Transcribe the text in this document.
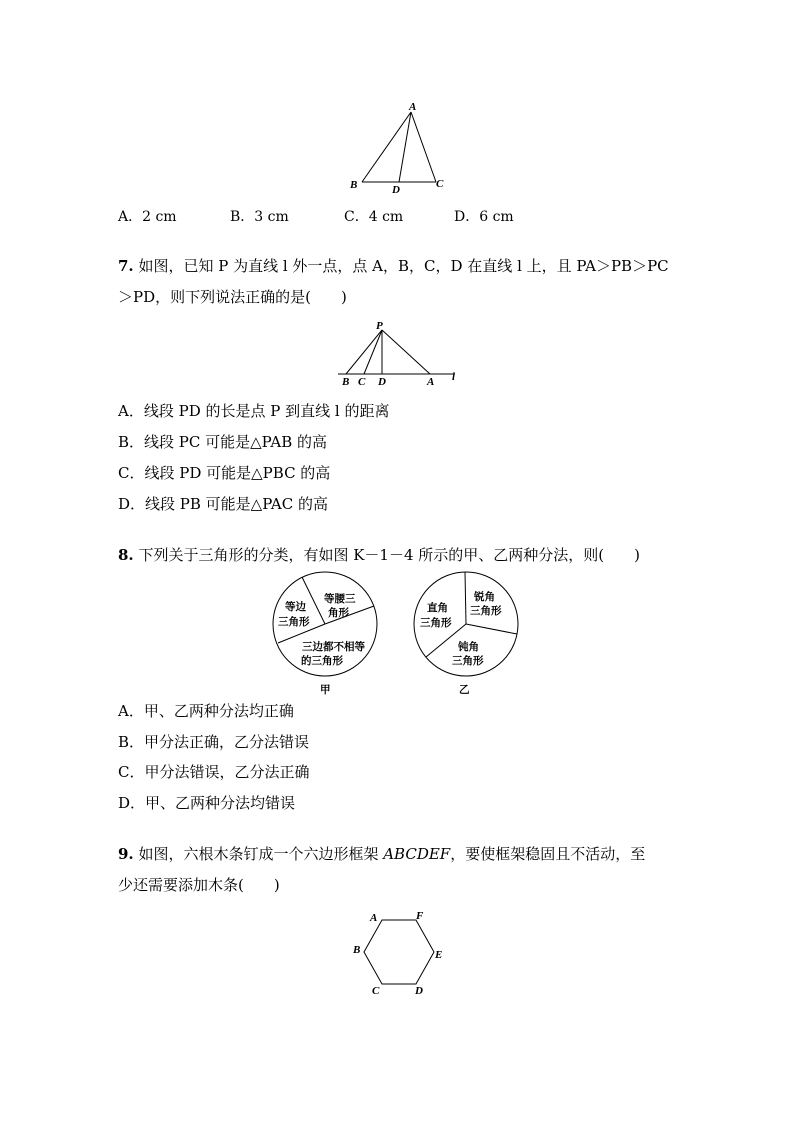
A
B	D	C
A．2 cm	B．3 cm	C．4 cm	D．6 cm
7. 如图，已知 P 为直线 l 外一点，点 A，B，C，D 在直线 l 上，且 PA＞PB＞PC
＞PD，则下列说法正确的是(　　)
P
B C D	A l
A．线段 PD 的长是点 P 到直线 l 的距离
B．线段 PC 可能是△PAB 的高
C．线段 PD 可能是△PBC 的高
D．线段 PB 可能是△PAC 的高
8. 下列关于三角形的分类，有如图 K－1－4 所示的甲、乙两种分法，则(　　)
等边
三角形
等腰三
角形
三边都不相等
的三角形
甲
直角
三角形
锐角
三角形
钝角
三角形
乙
A．甲、乙两种分法均正确
B．甲分法正确，乙分法错误
C．甲分法错误，乙分法正确
D．甲、乙两种分法均错误
9. 如图，六根木条钉成一个六边形框架 ABCDEF，要使框架稳固且不活动，至
少还需要添加木条(　　)
A	F
B	E
C	D
